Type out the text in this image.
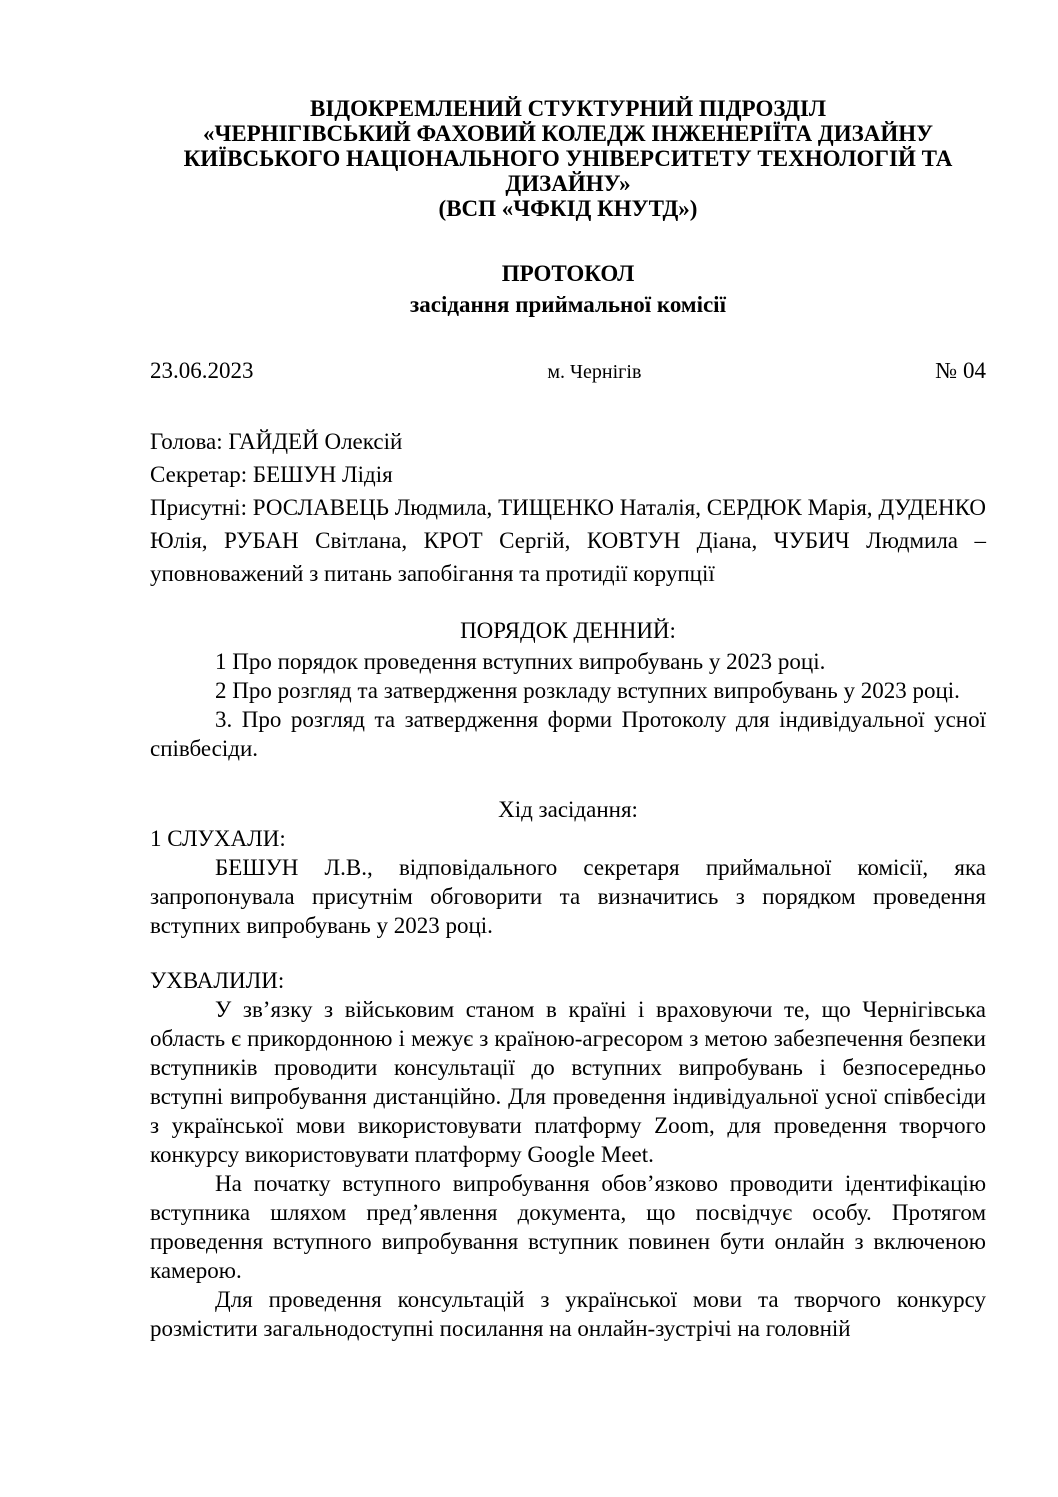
ВІДОКРЕМЛЕНИЙ СТУКТУРНИЙ ПІДРОЗДІЛ
«ЧЕРНІГІВСЬКИЙ ФАХОВИЙ КОЛЕДЖ ІНЖЕНЕРІЇТА ДИЗАЙНУ
КИЇВСЬКОГО НАЦІОНАЛЬНОГО УНІВЕРСИТЕТУ ТЕХНОЛОГІЙ ТА
ДИЗАЙНУ»
(ВСП «ЧФКІД КНУТД»)
ПРОТОКОЛ
засідання приймальної комісії
23.06.2023	м. Чернігів	№ 04

Голова: ГАЙДЕЙ Олексій

Секретар: БЕШУН Лідія

Присутні: РОСЛАВЕЦЬ Людмила, ТИЩЕНКО Наталія, СЕРДЮК Марія, ДУДЕНКО Юлія, РУБАН Світлана, КРОТ Сергій, КОВТУН Діана, ЧУБИЧ Людмила – уповноважений з питань запобігання та протидії корупції

ПОРЯДОК ДЕННИЙ:

1 Про порядок проведення вступних випробувань у 2023 році.

2 Про розгляд та затвердження розкладу вступних випробувань у 2023 році.

3. Про розгляд та затвердження форми Протоколу для індивідуальної усної співбесіди.

Хід засідання:
1 СЛУХАЛИ:

БЕШУН Л.В., відповідального секретаря приймальної комісії, яка запропонувала присутнім обговорити та визначитись з порядком проведення вступних випробувань у 2023 році.

УХВАЛИЛИ:

У зв’язку з військовим станом в країні і враховуючи те, що Чернігівська область є прикордонною і межує з країною-агресором з метою забезпечення безпеки вступників проводити консультації до вступних випробувань і безпосередньо вступні випробування дистанційно. Для проведення індивідуальної усної співбесіди з української мови використовувати платформу Zoom, для проведення творчого конкурсу використовувати платформу Google Meet.

На початку вступного випробування обов’язково проводити ідентифікацію вступника шляхом пред’явлення документа, що посвідчує особу. Протягом проведення вступного випробування вступник повинен бути онлайн з включеною камерою.

Для проведення консультацій з української мови та творчого конкурсу розмістити загальнодоступні посилання на онлайн-зустрічі на головній
